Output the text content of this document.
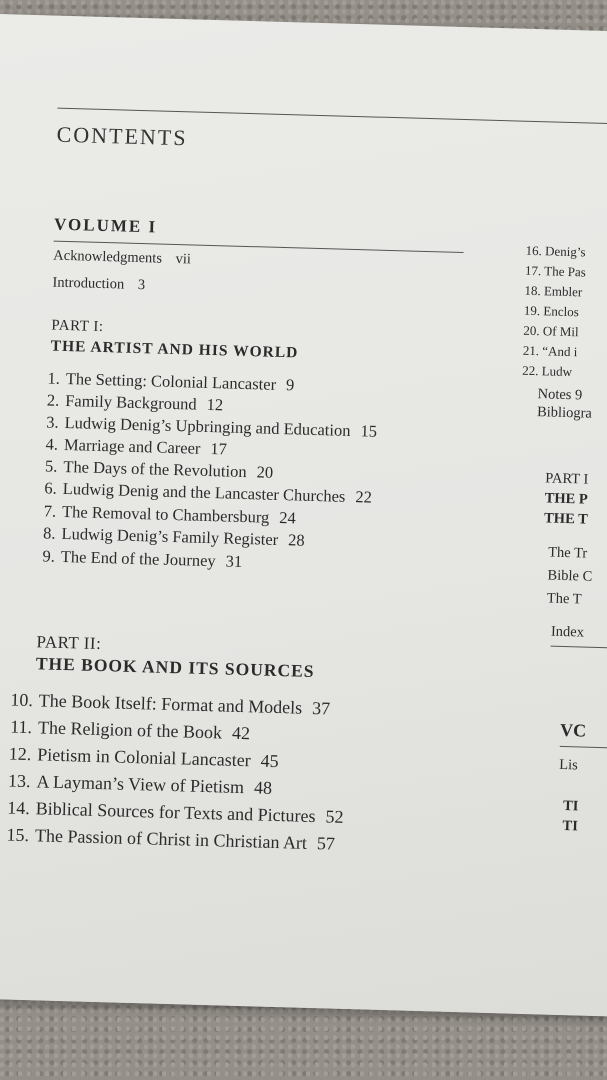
CONTENTS
VOLUME I
Acknowledgments vii
Introduction 3
PART I:
THE ARTIST AND HIS WORLD
1. The Setting: Colonial Lancaster 9
2. Family Background 12
3. Ludwig Denig’s Upbringing and Education 15
4. Marriage and Career 17
5. The Days of the Revolution 20
6. Ludwig Denig and the Lancaster Churches 22
7. The Removal to Chambersburg 24
8. Ludwig Denig’s Family Register 28
9. The End of the Journey 31
PART II:
THE BOOK AND ITS SOURCES
10. The Book Itself: Format and Models 37
11. The Religion of the Book 42
12. Pietism in Colonial Lancaster 45
13. A Layman’s View of Pietism 48
14. Biblical Sources for Texts and Pictures 52
15. The Passion of Christ in Christian Art 57
16. Denig’s
17. The Pas
18. Embler
19. Enclos
20. Of Mil
21. “And i
22. Ludw
Notes 9
Bibliogra
PART I
THE P
THE T
The Tr
Bible C
The T
Index
VC
Lis
TI
TI
